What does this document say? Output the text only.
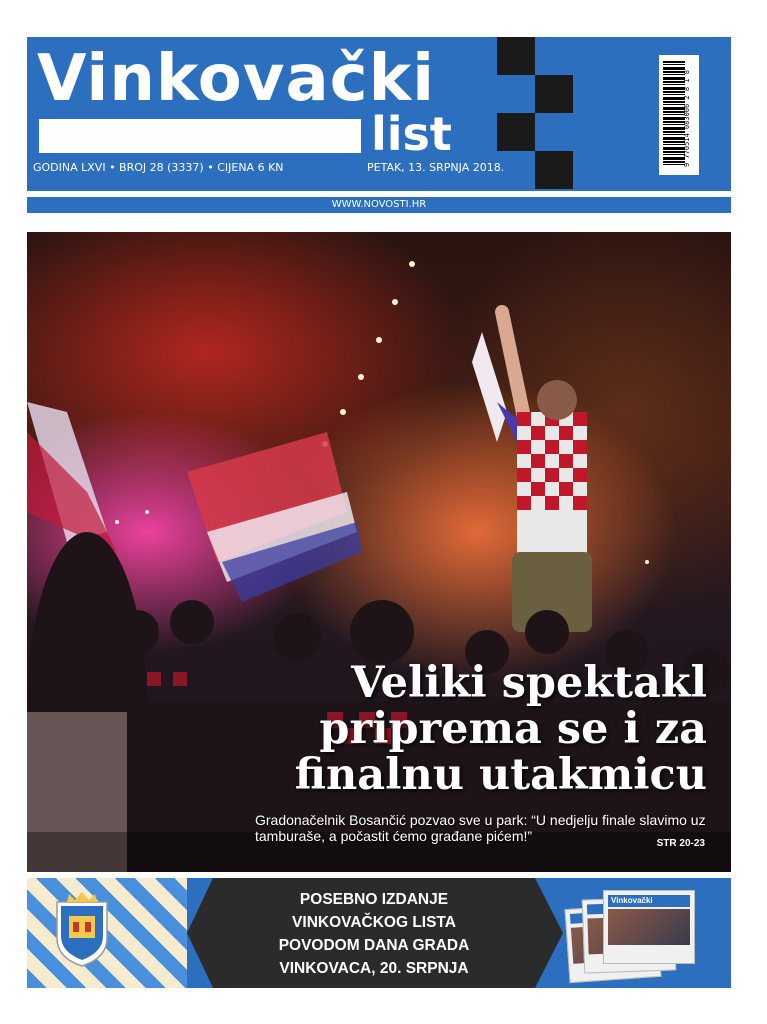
Vinkovački
list
GODINA LXVI • BROJ 28 (3337) • CIJENA 6 KN	PETAK, 13. SRPNJA 2018.
9 770514 083006 2 8 1 8
WWW.NOVOSTI.HR
Veliki spektakl
priprema se i za
finalnu utakmicu
Gradonačelnik Bosančić pozvao sve u park: “U nedjelju finale slavimo uz tamburaše, a počastit ćemo građane pićem!”	STR 20-23
POSEBNO IZDANJE
VINKOVAČKOG LISTA
POVODOM DANA GRADA
VINKOVACA, 20. SRPNJA
Vinkovački
